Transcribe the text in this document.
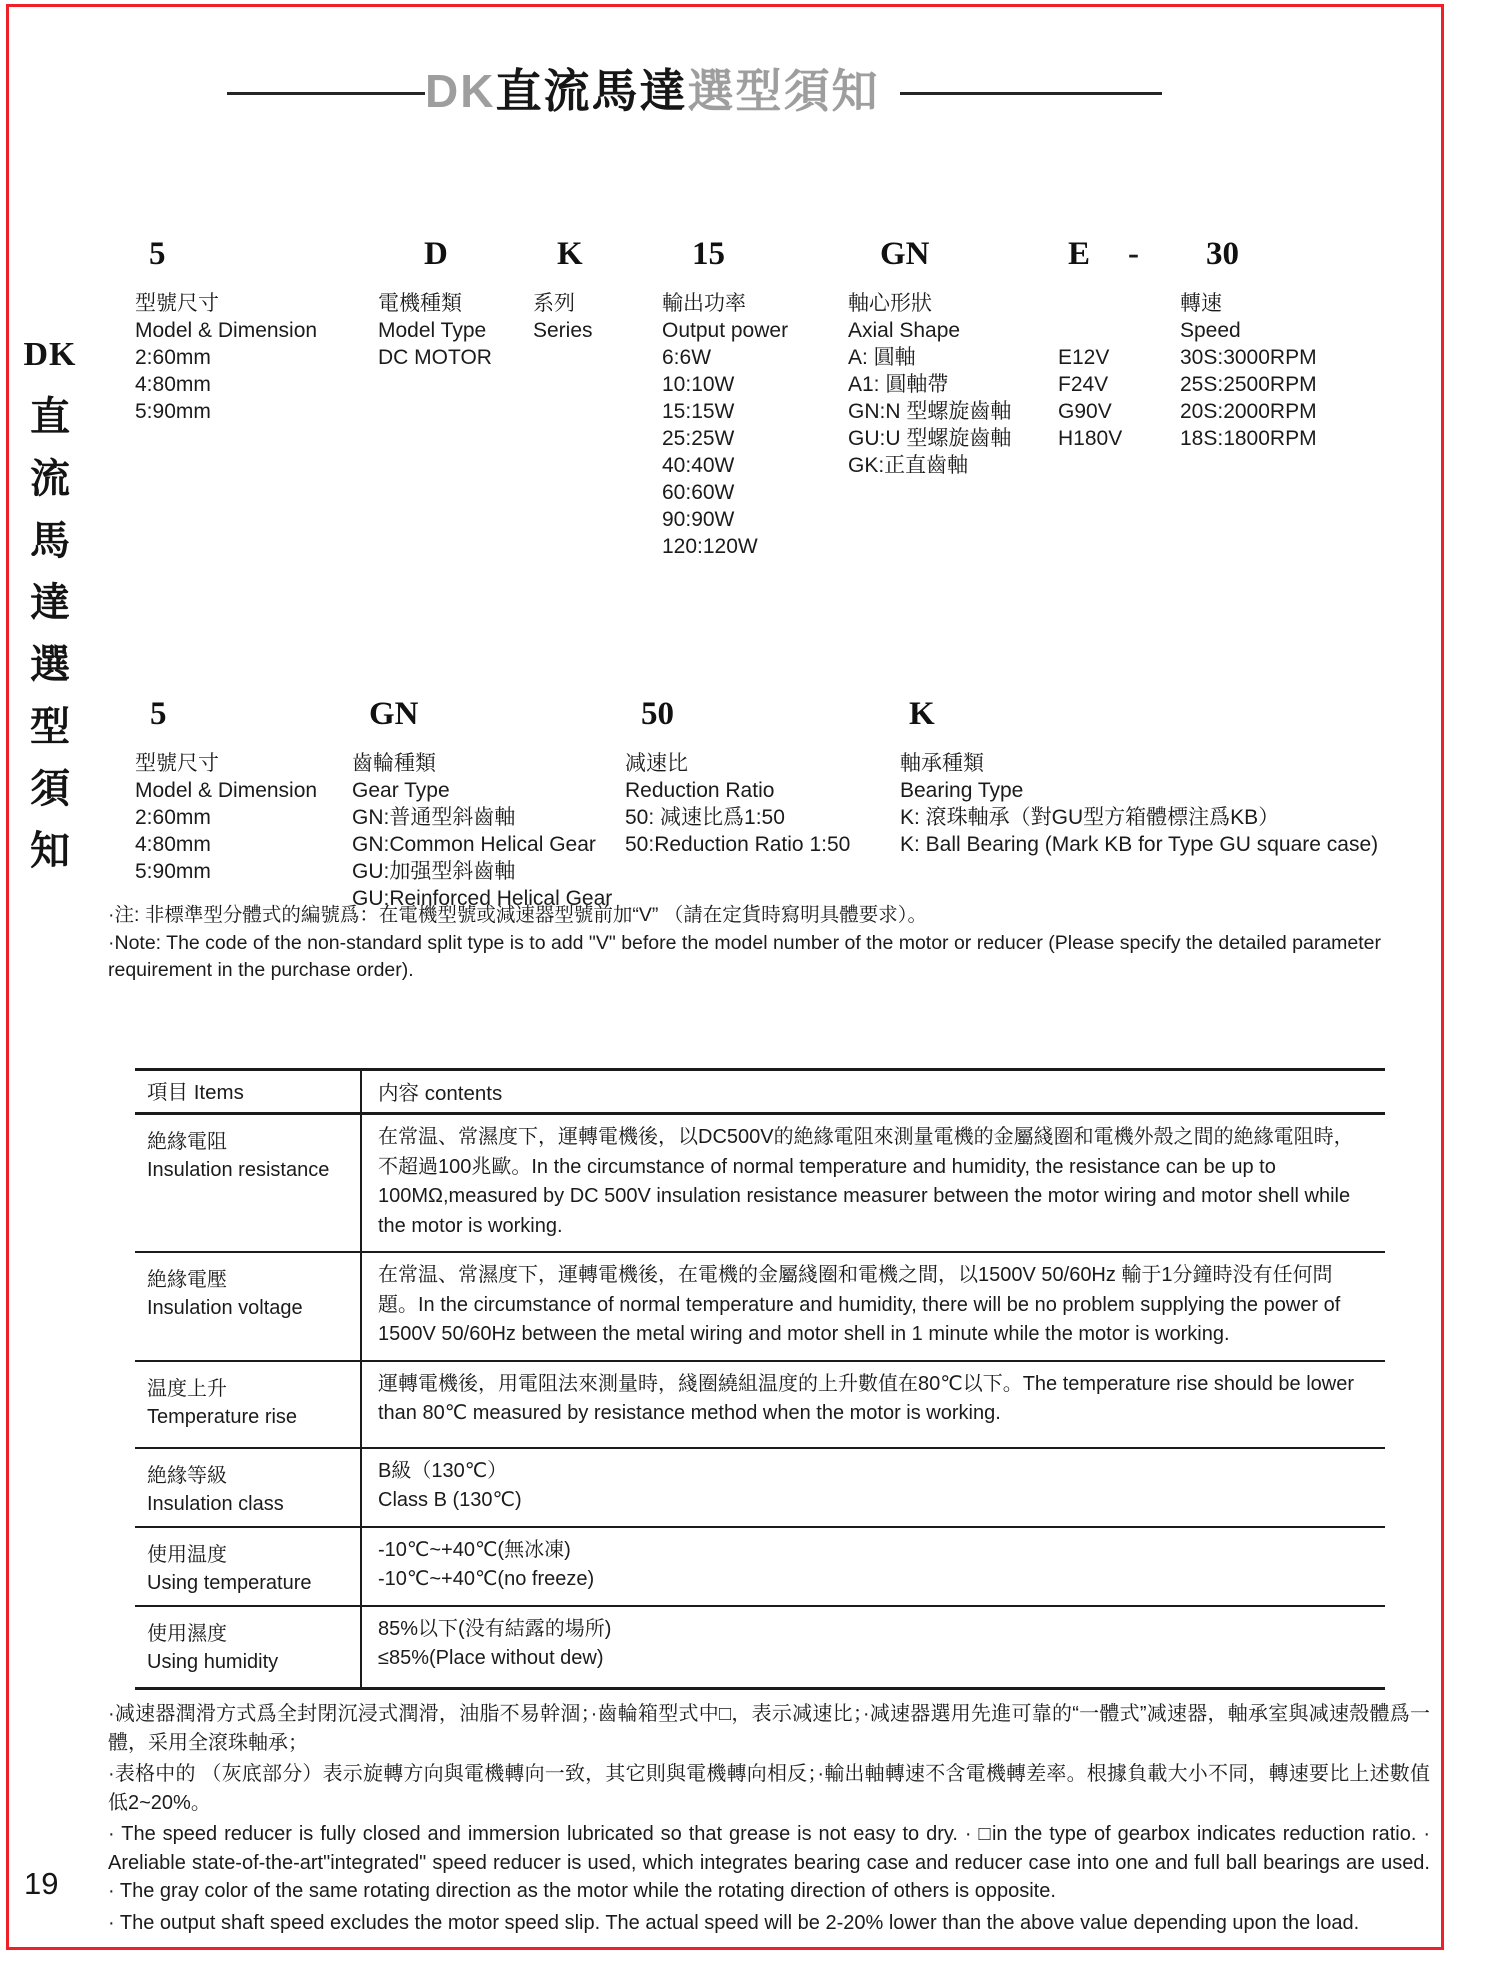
DK直流馬達選型須知
DK
直
流
馬
達
選
型
須
知
5
型號尺寸
Model & Dimension
2:60mm
4:80mm
5:90mm
D
電機種類
Model Type
DC MOTOR
K
系列
Series
15
輸出功率
Output power
6:6W
10:10W
15:15W
25:25W
40:40W
60:60W
90:90W
120:120W
GN
軸心形狀
Axial Shape
A: 圓軸
A1: 圓軸帶
GN:N 型螺旋齒軸
GU:U 型螺旋齒軸
GK:正直齒軸
E
E12V
F24V
G90V
H180V
- 30
轉速
Speed
30S:3000RPM
25S:2500RPM
20S:2000RPM
18S:1800RPM
5
型號尺寸
Model & Dimension
2:60mm
4:80mm
5:90mm
GN
齒輪種類
Gear Type
GN:普通型斜齒軸
GN:Common Helical Gear
GU:加强型斜齒軸
GU:Reinforced Helical Gear
50
减速比
Reduction Ratio
50: 减速比爲1:50
50:Reduction Ratio 1:50
K
軸承種類
Bearing Type
K: 滾珠軸承（對GU型方箱體標注爲KB）
K: Ball Bearing (Mark KB for Type GU square case)

·注: 非標準型分體式的編號爲：在電機型號或減速器型號前加“V” （請在定貨時寫明具體要求）。

·Note: The code of the non-standard split type is to add "V" before the model number of the motor or reducer (Please specify the detailed parameter requirement in the purchase order).

項目 Items	内容 contents
絶緣電阻
Insulation resistance
在常温、常濕度下，運轉電機後，以DC500V的絶緣電阻來測量電機的金屬綫圈和電機外殼之間的絶緣電阻時，不超過100兆歐。In the circumstance of normal temperature and humidity, the resistance can be up to 100MΩ,measured by DC 500V insulation resistance measurer between the motor wiring and motor shell while the motor is working.
絶緣電壓
Insulation voltage
在常温、常濕度下，運轉電機後，在電機的金屬綫圈和電機之間，以1500V 50/60Hz 輸于1分鐘時没有任何問題。In the circumstance of normal temperature and humidity, there will be no problem supplying the power of 1500V 50/60Hz between the metal wiring and motor shell in 1 minute while the motor is working.
温度上升
Temperature rise
運轉電機後，用電阻法來測量時，綫圈繞組温度的上升數值在80℃以下。The temperature rise should be lower than 80℃ measured by resistance method when the motor is working.
絶緣等級
Insulation class
B級（130℃）
Class B (130℃)
使用温度
Using temperature
-10℃~+40℃(無冰凍)
-10℃~+40℃(no freeze)
使用濕度
Using humidity
85%以下(没有結露的場所)
≤85%(Place without dew)

·减速器潤滑方式爲全封閉沉浸式潤滑，油脂不易幹涸；·齒輪箱型式中□，表示减速比；·减速器選用先進可靠的“一體式”减速器，軸承室與减速殼體爲一體，采用全滾珠軸承；

·表格中的 （灰底部分）表示旋轉方向與電機轉向一致，其它則與電機轉向相反；·輸出軸轉速不含電機轉差率。根據負載大小不同，轉速要比上述數值低2~20%。

· The speed reducer is fully closed and immersion lubricated so that grease is not easy to dry. · □in the type of gearbox indicates reduction ratio. · Areliable state-of-the-art"integrated" speed reducer is used, which integrates bearing case and reducer case into one and full ball bearings are used. · The gray color of the same rotating direction as the motor while the rotating direction of others is opposite.

· The output shaft speed excludes the motor speed slip. The actual speed will be 2-20% lower than the above value depending upon the load.

19
